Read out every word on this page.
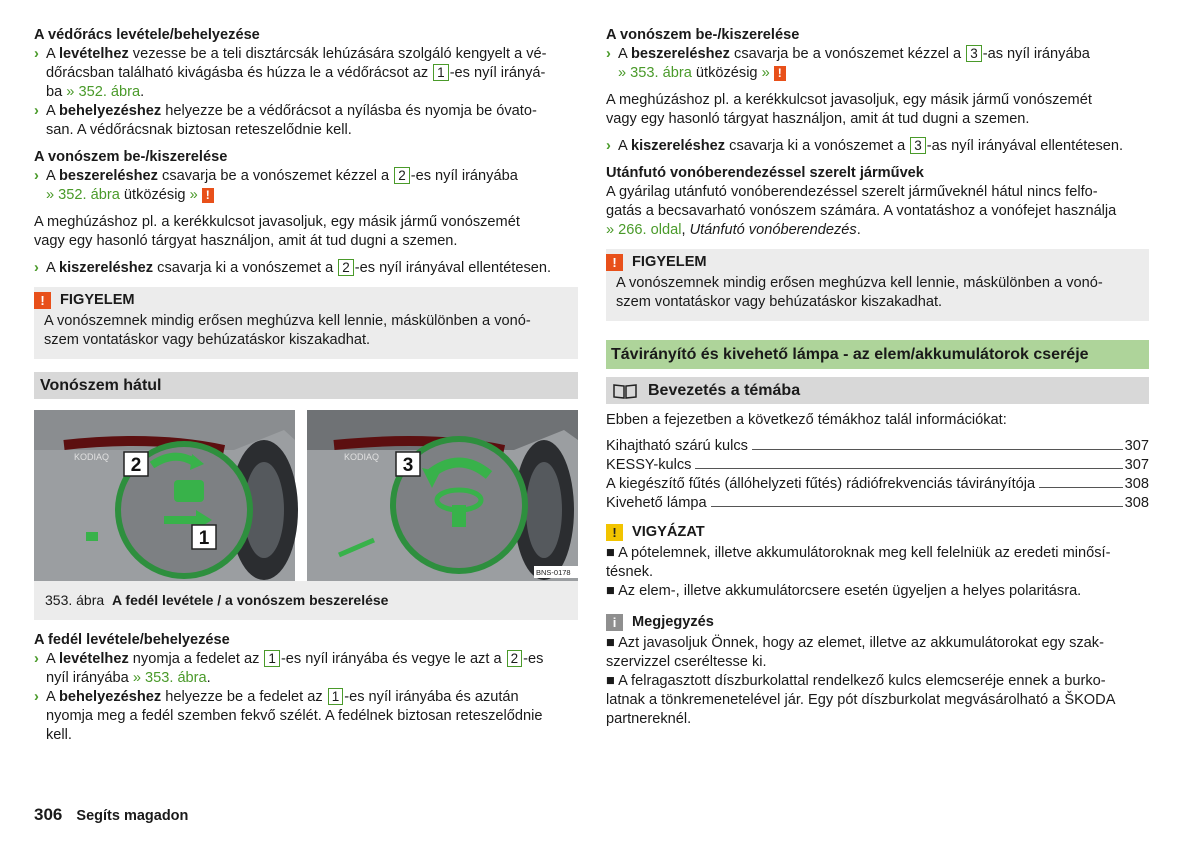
A védőrács levétele/behelyezése

› A levételhez vezesse be a teli disztárcsák lehúzására szolgáló kengyelt a vé-
dőrácsban található kivágásba és húzza le a védőrácsot az 1 -es nyíl irányá-
ba » 352. ábra.

› A behelyezéshez helyezze be a védőrácsot a nyílásba és nyomja be óvato-
san. A védőrácsnak biztosan reteszelődnie kell.

A vonószem be-/kiszerelése

› A beszereléshez csavarja be a vonószemet kézzel a 2 -es nyíl irányába
» 352. ábra ütközésig » !

A meghúzáshoz pl. a kerékkulcsot javasoljuk, egy másik jármű vonószemét
vagy egy hasonló tárgyat használjon, amit át tud dugni a szemen.

› A kiszereléshez csavarja ki a vonószemet a 2 -es nyíl irányával ellentétesen.

!	FIGYELEM

A vonószemnek mindig erősen meghúzva kell lennie, máskülönben a vonó-
szem vontatáskor vagy behúzatáskor kiszakadhat.

Vonószem hátul
KODIAQ 2
1
KODIAQ 3
BNS-0178
353. ábra A fedél levétele / a vonószem beszerelése

A fedél levétele/behelyezése

› A levételhez nyomja a fedelet az 1 -es nyíl irányába és vegye le azt a 2 -es
nyíl irányába » 353. ábra.

› A behelyezéshez helyezze be a fedelet az 1 -es nyíl irányába és azután
nyomja meg a fedél szemben fekvő szélét. A fedélnek biztosan reteszelődnie
kell.

A vonószem be-/kiszerelése

› A beszereléshez csavarja be a vonószemet kézzel a 3 -as nyíl irányába
» 353. ábra ütközésig » !

A meghúzáshoz pl. a kerékkulcsot javasoljuk, egy másik jármű vonószemét
vagy egy hasonló tárgyat használjon, amit át tud dugni a szemen.

› A kiszereléshez csavarja ki a vonószemet a 3 -as nyíl irányával ellentétesen.

Utánfutó vonóberendezéssel szerelt járművek

A gyárilag utánfutó vonóberendezéssel szerelt járműveknél hátul nincs felfo-
gatás a becsavarható vonószem számára. A vontatáshoz a vonófejet használja
» 266. oldal, Utánfutó vonóberendezés.

!	FIGYELEM

A vonószemnek mindig erősen meghúzva kell lennie, máskülönben a vonó-
szem vontatáskor vagy behúzatáskor kiszakadhat.

Távirányító és kivehető lámpa - az elem/akkumulátorok cseréje
Bevezetés a témába

Ebben a fejezetben a következő témákhoz talál információkat:

Kihajtható szárú kulcs	307
KESSY-kulcs	307
A kiegészítő fűtés (állóhelyzeti fűtés) rádiófrekvenciás távirányítója	308
Kivehető lámpa	308
!	VIGYÁZAT

■ A pótelemnek, illetve akkumulátoroknak meg kell felelniük az eredeti minősí-
tésnek.

■ Az elem-, illetve akkumulátorcsere esetén ügyeljen a helyes polaritásra.

i	Megjegyzés

■ Azt javasoljuk Önnek, hogy az elemet, illetve az akkumulátorokat egy szak-
szervizzel cseréltesse ki.

■ A felragasztott díszburkolattal rendelkező kulcs elemcseréje ennek a burko-
latnak a tönkremenetelével jár. Egy pót díszburkolat megvásárolható a ŠKODA
partnereknél.

306 Segíts magadon
